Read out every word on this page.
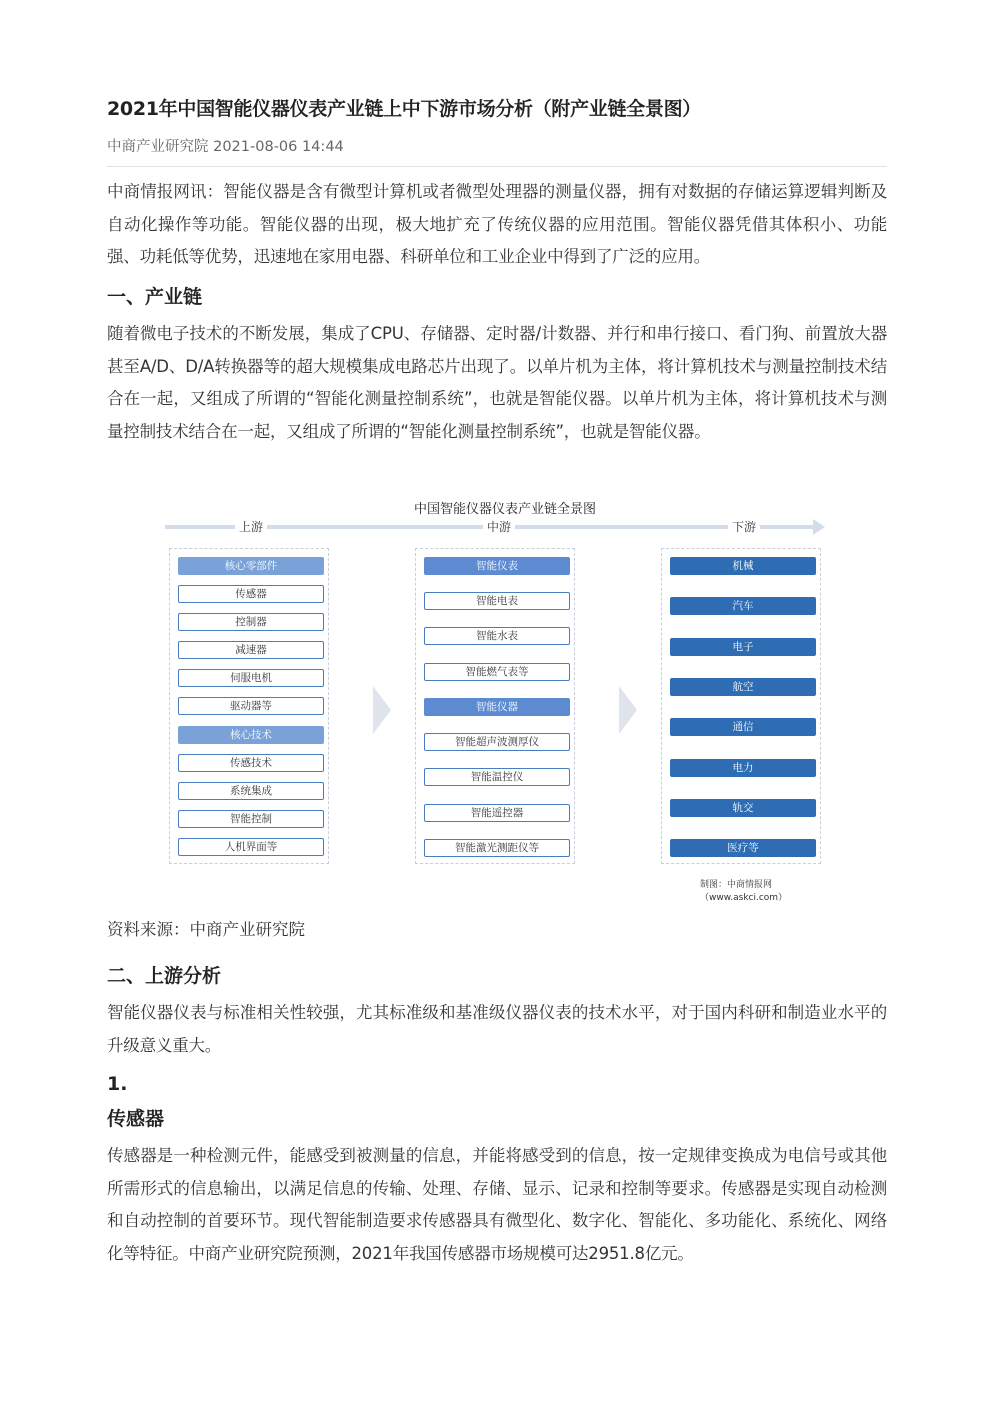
2021年中国智能仪器仪表产业链上中下游市场分析（附产业链全景图）
中商产业研究院 2021-08-06 14:44
中商情报网讯：智能仪器是含有微型计算机或者微型处理器的测量仪器，拥有对数据的存储运算逻辑判断及自动化操作等功能。智能仪器的出现，极大地扩充了传统仪器的应用范围。智能仪器凭借其体积小、功能强、功耗低等优势，迅速地在家用电器、科研单位和工业企业中得到了广泛的应用。
一、产业链
随着微电子技术的不断发展，集成了CPU、存储器、定时器/计数器、并行和串行接口、看门狗、前置放大器甚至A/D、D/A转换器等的超大规模集成电路芯片出现了。以单片机为主体，将计算机技术与测量控制技术结合在一起，又组成了所谓的“智能化测量控制系统”，也就是智能仪器。以单片机为主体，将计算机技术与测量控制技术结合在一起，又组成了所谓的“智能化测量控制系统”，也就是智能仪器。
资料来源：中商产业研究院
二、上游分析
智能仪器仪表与标准相关性较强，尤其标准级和基准级仪器仪表的技术水平，对于国内科研和制造业水平的升级意义重大。
1.
传感器
传感器是一种检测元件，能感受到被测量的信息，并能将感受到的信息，按一定规律变换成为电信号或其他所需形式的信息输出，以满足信息的传输、处理、存储、显示、记录和控制等要求。传感器是实现自动检测和自动控制的首要环节。现代智能制造要求传感器具有微型化、数字化、智能化、多功能化、系统化、网络化等特征。中商产业研究院预测，2021年我国传感器市场规模可达2951.8亿元。
中国智能仪器仪表产业链全景图
上游	中游	下游
核心零部件
传感器
控制器
减速器
伺服电机
驱动器等
核心技术
传感技术
系统集成
智能控制
人机界面等
智能仪表
智能电表
智能水表
智能燃气表等
智能仪器
智能超声波测厚仪
智能温控仪
智能遥控器
智能激光测距仪等
机械
汽车
电子
航空
通信
电力
轨交
医疗等
制图：中商情报网（www.askci.com）
